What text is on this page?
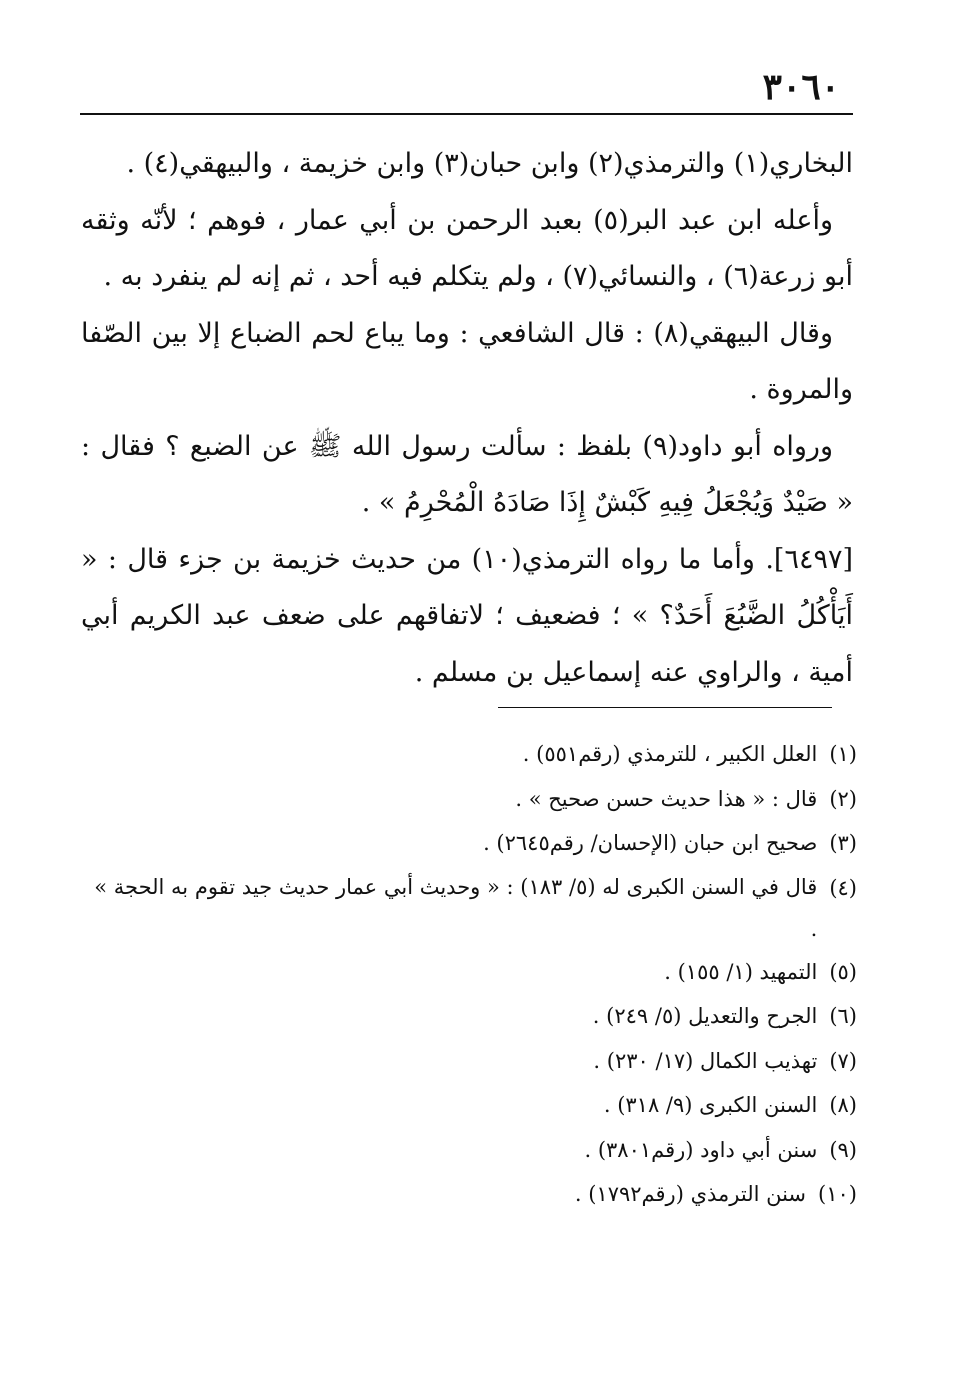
٣٠٦٠

البخاري(١) والترمذي(٢) وابن حبان(٣) وابن خزيمة ، والبيهقي(٤) .

وأعله ابن عبد البر(٥) بعبد الرحمن بن أبي عمار ، فوهم ؛ لأنّه وثقه أبو زرعة(٦) ، والنسائي(٧) ، ولم يتكلم فيه أحد ، ثم إنه لم ينفرد به .

وقال البيهقي(٨) : قال الشافعي : وما يباع لحم الضباع إلا بين الصّفا والمروة .

ورواه أبو داود(٩) بلفظ : سألت رسول الله ﷺ عن الضبع ؟ فقال : « صَيْدٌ وَيُجْعَلُ فِيهِ كَبْشٌ إِذَا صَادَهُ الْمُحْرِمُ » .

[٦٤٩٧]. وأما ما رواه الترمذي(١٠) من حديث خزيمة بن جزء قال : « أَيَأْكُلُ الضَّبُعَ أَحَدٌ؟ » ؛ فضعيف ؛ لاتفاقهم على ضعف عبد الكريم أبي أمية ، والراوي عنه إسماعيل بن مسلم .

(١)
العلل الكبير ، للترمذي (رقم٥٥١) .
(٢)
قال : « هذا حديث حسن صحيح » .
(٣)
صحيح ابن حبان (الإحسان/ رقم٢٦٤٥) .
(٤)
قال في السنن الكبرى له (٥/ ١٨٣) : « وحديث أبي عمار حديث جيد تقوم به الحجة » .
(٥)
التمهيد (١/ ١٥٥) .
(٦)
الجرح والتعديل (٥/ ٢٤٩) .
(٧)
تهذيب الكمال (١٧/ ٢٣٠) .
(٨)
السنن الكبرى (٩/ ٣١٨) .
(٩)
سنن أبي داود (رقم٣٨٠١) .
(١٠)
سنن الترمذي (رقم١٧٩٢) .
